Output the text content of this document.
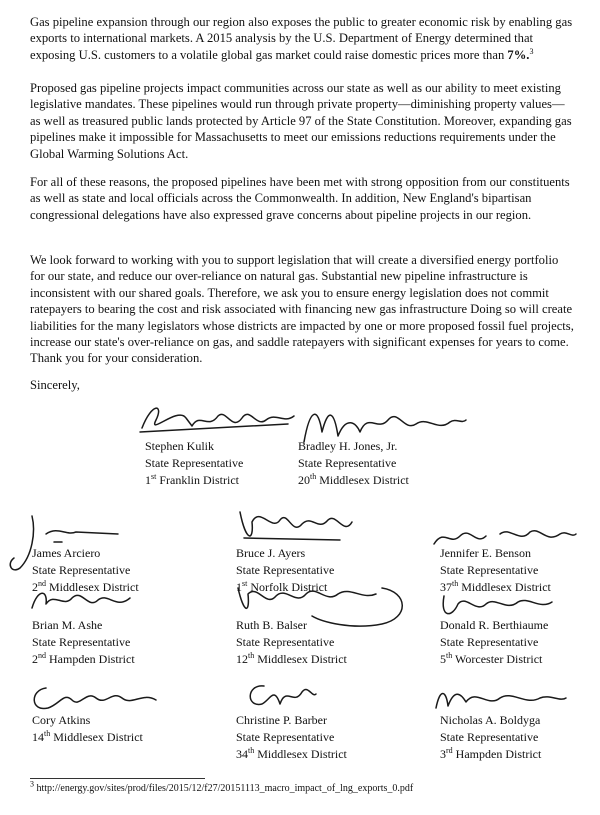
Gas pipeline expansion through our region also exposes the public to greater economic risk by enabling gas exports to international markets. A 2015 analysis by the U.S. Department of Energy determined that exposing U.S. customers to a volatile global gas market could raise domestic prices more than 7%.$^3$

Proposed gas pipeline projects impact communities across our state as well as our ability to meet existing legislative mandates. These pipelines would run through private property—diminishing property values—as well as treasured public lands protected by Article 97 of the State Constitution. Moreover, expanding gas pipelines make it impossible for Massachusetts to meet our emissions reductions requirements under the Global Warming Solutions Act.

For all of these reasons, the proposed pipelines have been met with strong opposition from our constituents as well as state and local officials across the Commonwealth. In addition, New England's bipartisan congressional delegations have also expressed grave concerns about pipeline projects in our region.

We look forward to working with you to support legislation that will create a diversified energy portfolio for our state, and reduce our over-reliance on natural gas. Substantial new pipeline infrastructure is inconsistent with our shared goals. Therefore, we ask you to ensure energy legislation does not commit ratepayers to bearing the cost and risk associated with financing new gas infrastructure Doing so will create liabilities for the many legislators whose districts are impacted by one or more proposed fossil fuel projects, increase our state's over-reliance on gas, and saddle ratepayers with significant expenses for years to come. Thank you for your consideration.

Sincerely,
Stephen Kulik
State Representative
1st Franklin District
Bradley H. Jones, Jr.
State Representative
20th Middlesex District
James Arciero
State Representative
2nd Middlesex District
Bruce J. Ayers
State Representative
1st Norfolk District
Jennifer E. Benson
State Representative
37th Middlesex District
Brian M. Ashe
State Representative
2nd Hampden District
Ruth B. Balser
State Representative
12th Middlesex District
Donald R. Berthiaume
State Representative
5th Worcester District
Cory Atkins
14th Middlesex District
Christine P. Barber
State Representative
34th Middlesex District
Nicholas A. Boldyga
State Representative
3rd Hampden District
$^3$ http://energy.gov/sites/prod/files/2015/12/f27/20151113_macro_impact_of_lng_exports_0.pdf
